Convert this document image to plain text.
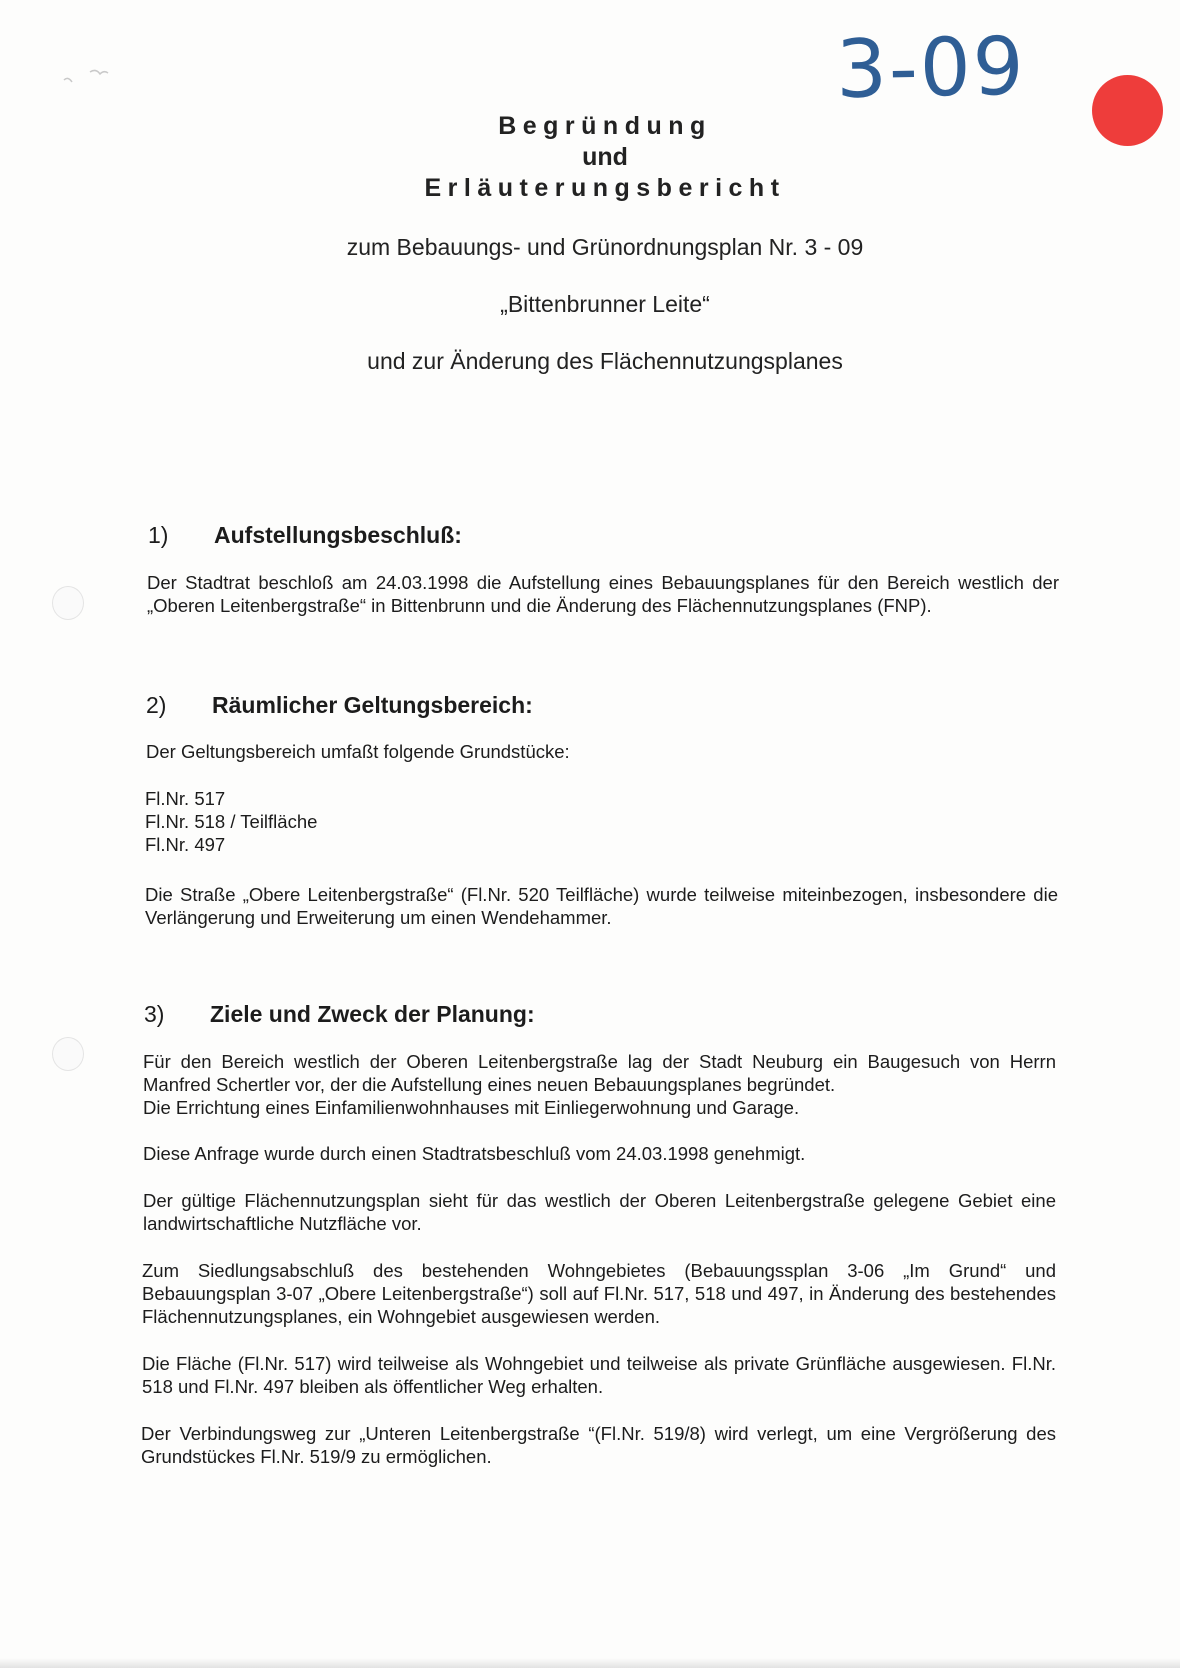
3-09
Begründung
und
Erläuterungsbericht
zum Bebauungs- und Grünordnungsplan Nr. 3 - 09
„Bittenbrunner Leite“
und zur Änderung des Flächennutzungsplanes
1) Aufstellungsbeschluß:
Der Stadtrat beschloß am 24.03.1998 die Aufstellung eines Bebauungsplanes für den Bereich westlich der „Oberen Leitenbergstraße“ in Bittenbrunn und die Änderung des Flächennutzungsplanes (FNP).
2) Räumlicher Geltungsbereich:
Der Geltungsbereich umfaßt folgende Grundstücke:
Fl.Nr. 517
Fl.Nr. 518 / Teilfläche
Fl.Nr. 497
Die Straße „Obere Leitenbergstraße“ (Fl.Nr. 520 Teilfläche) wurde teilweise miteinbezogen, insbesondere die Verlängerung und Erweiterung um einen Wendehammer.
3) Ziele und Zweck der Planung:
Für den Bereich westlich der Oberen Leitenbergstraße lag der Stadt Neuburg ein Baugesuch von Herrn Manfred Schertler vor, der die Aufstellung eines neuen Bebauungsplanes begründet.
Die Errichtung eines Einfamilienwohnhauses mit Einliegerwohnung und Garage.
Diese Anfrage wurde durch einen Stadtratsbeschluß vom 24.03.1998 genehmigt.
Der gültige Flächennutzungsplan sieht für das westlich der Oberen Leitenbergstraße gelegene Gebiet eine landwirtschaftliche Nutzfläche vor.
Zum Siedlungsabschluß des bestehenden Wohngebietes (Bebauungssplan 3-06 „Im Grund“ und Bebauungsplan 3-07 „Obere Leitenbergstraße“) soll auf Fl.Nr. 517, 518 und 497, in Änderung des bestehendes Flächennutzungsplanes, ein Wohngebiet ausgewiesen werden.
Die Fläche (Fl.Nr. 517) wird teilweise als Wohngebiet und teilweise als private Grünfläche ausgewiesen. Fl.Nr. 518 und Fl.Nr. 497 bleiben als öffentlicher Weg erhalten.
Der Verbindungsweg zur „Unteren Leitenbergstraße “(Fl.Nr. 519/8) wird verlegt, um eine Vergrößerung des Grundstückes Fl.Nr. 519/9 zu ermöglichen.
